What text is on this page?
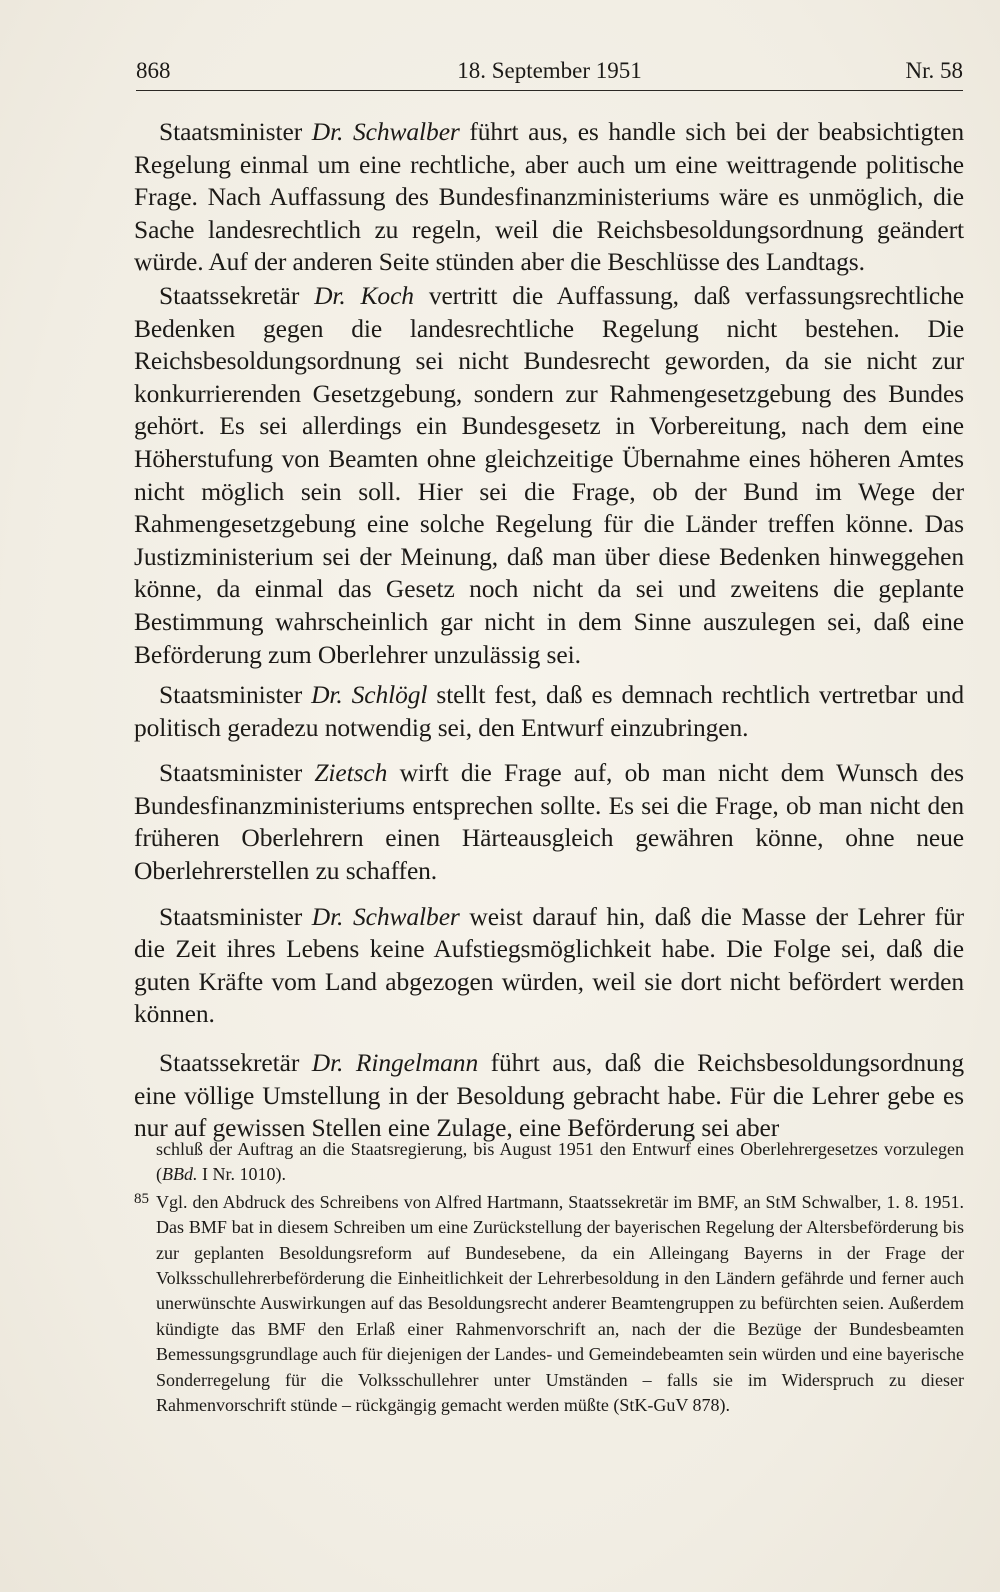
868	18. September 1951	Nr. 58

Staatsminister Dr. Schwalber führt aus, es handle sich bei der beabsichtigten Regelung einmal um eine rechtliche, aber auch um eine weittragende politische Frage. Nach Auffassung des Bundesfinanzministeriums wäre es unmöglich, die Sache landesrechtlich zu regeln, weil die Reichsbesoldungsordnung geändert würde. Auf der anderen Seite stünden aber die Beschlüsse des Landtags.

Staatssekretär Dr. Koch vertritt die Auffassung, daß verfassungsrechtliche Bedenken gegen die landesrechtliche Regelung nicht bestehen. Die Reichsbesoldungsordnung sei nicht Bundesrecht geworden, da sie nicht zur konkurrierenden Gesetzgebung, sondern zur Rahmengesetzgebung des Bundes gehört. Es sei allerdings ein Bundesgesetz in Vorbereitung, nach dem eine Höherstufung von Beamten ohne gleichzeitige Übernahme eines höheren Amtes nicht möglich sein soll. Hier sei die Frage, ob der Bund im Wege der Rahmengesetzgebung eine solche Regelung für die Länder treffen könne. Das Justizministerium sei der Meinung, daß man über diese Bedenken hinweggehen könne, da einmal das Gesetz noch nicht da sei und zweitens die geplante Bestimmung wahrscheinlich gar nicht in dem Sinne auszulegen sei, daß eine Beförderung zum Oberlehrer unzulässig sei.

Staatsminister Dr. Schlögl stellt fest, daß es demnach rechtlich vertretbar und politisch geradezu notwendig sei, den Entwurf einzubringen.

Staatsminister Zietsch wirft die Frage auf, ob man nicht dem Wunsch des Bundesfinanzministeriums entsprechen sollte. Es sei die Frage, ob man nicht den früheren Oberlehrern einen Härteausgleich gewähren könne, ohne neue Oberlehrerstellen zu schaffen.

Staatsminister Dr. Schwalber weist darauf hin, daß die Masse der Lehrer für die Zeit ihres Lebens keine Aufstiegsmöglichkeit habe. Die Folge sei, daß die guten Kräfte vom Land abgezogen würden, weil sie dort nicht befördert werden können.

Staatssekretär Dr. Ringelmann führt aus, daß die Reichsbesoldungsordnung eine völlige Umstellung in der Besoldung gebracht habe. Für die Lehrer gebe es nur auf gewissen Stellen eine Zulage, eine Beförderung sei aber

schluß der Auftrag an die Staatsregierung, bis August 1951 den Entwurf eines Oberlehrergesetzes vorzulegen (BBd. I Nr. 1010).

85 Vgl. den Abdruck des Schreibens von Alfred Hartmann, Staatssekretär im BMF, an StM Schwalber, 1. 8. 1951. Das BMF bat in diesem Schreiben um eine Zurückstellung der bayerischen Regelung der Altersbeförderung bis zur geplanten Besoldungsreform auf Bundesebene, da ein Alleingang Bayerns in der Frage der Volksschullehrerbeförderung die Einheitlichkeit der Lehrerbesoldung in den Ländern gefährde und ferner auch unerwünschte Auswirkungen auf das Besoldungsrecht anderer Beamtengruppen zu befürchten seien. Außerdem kündigte das BMF den Erlaß einer Rahmenvorschrift an, nach der die Bezüge der Bundesbeamten Bemessungsgrundlage auch für diejenigen der Landes- und Gemeindebeamten sein würden und eine bayerische Sonderregelung für die Volksschullehrer unter Umständen – falls sie im Widerspruch zu dieser Rahmenvorschrift stünde – rückgängig gemacht werden müßte (StK-GuV 878).
